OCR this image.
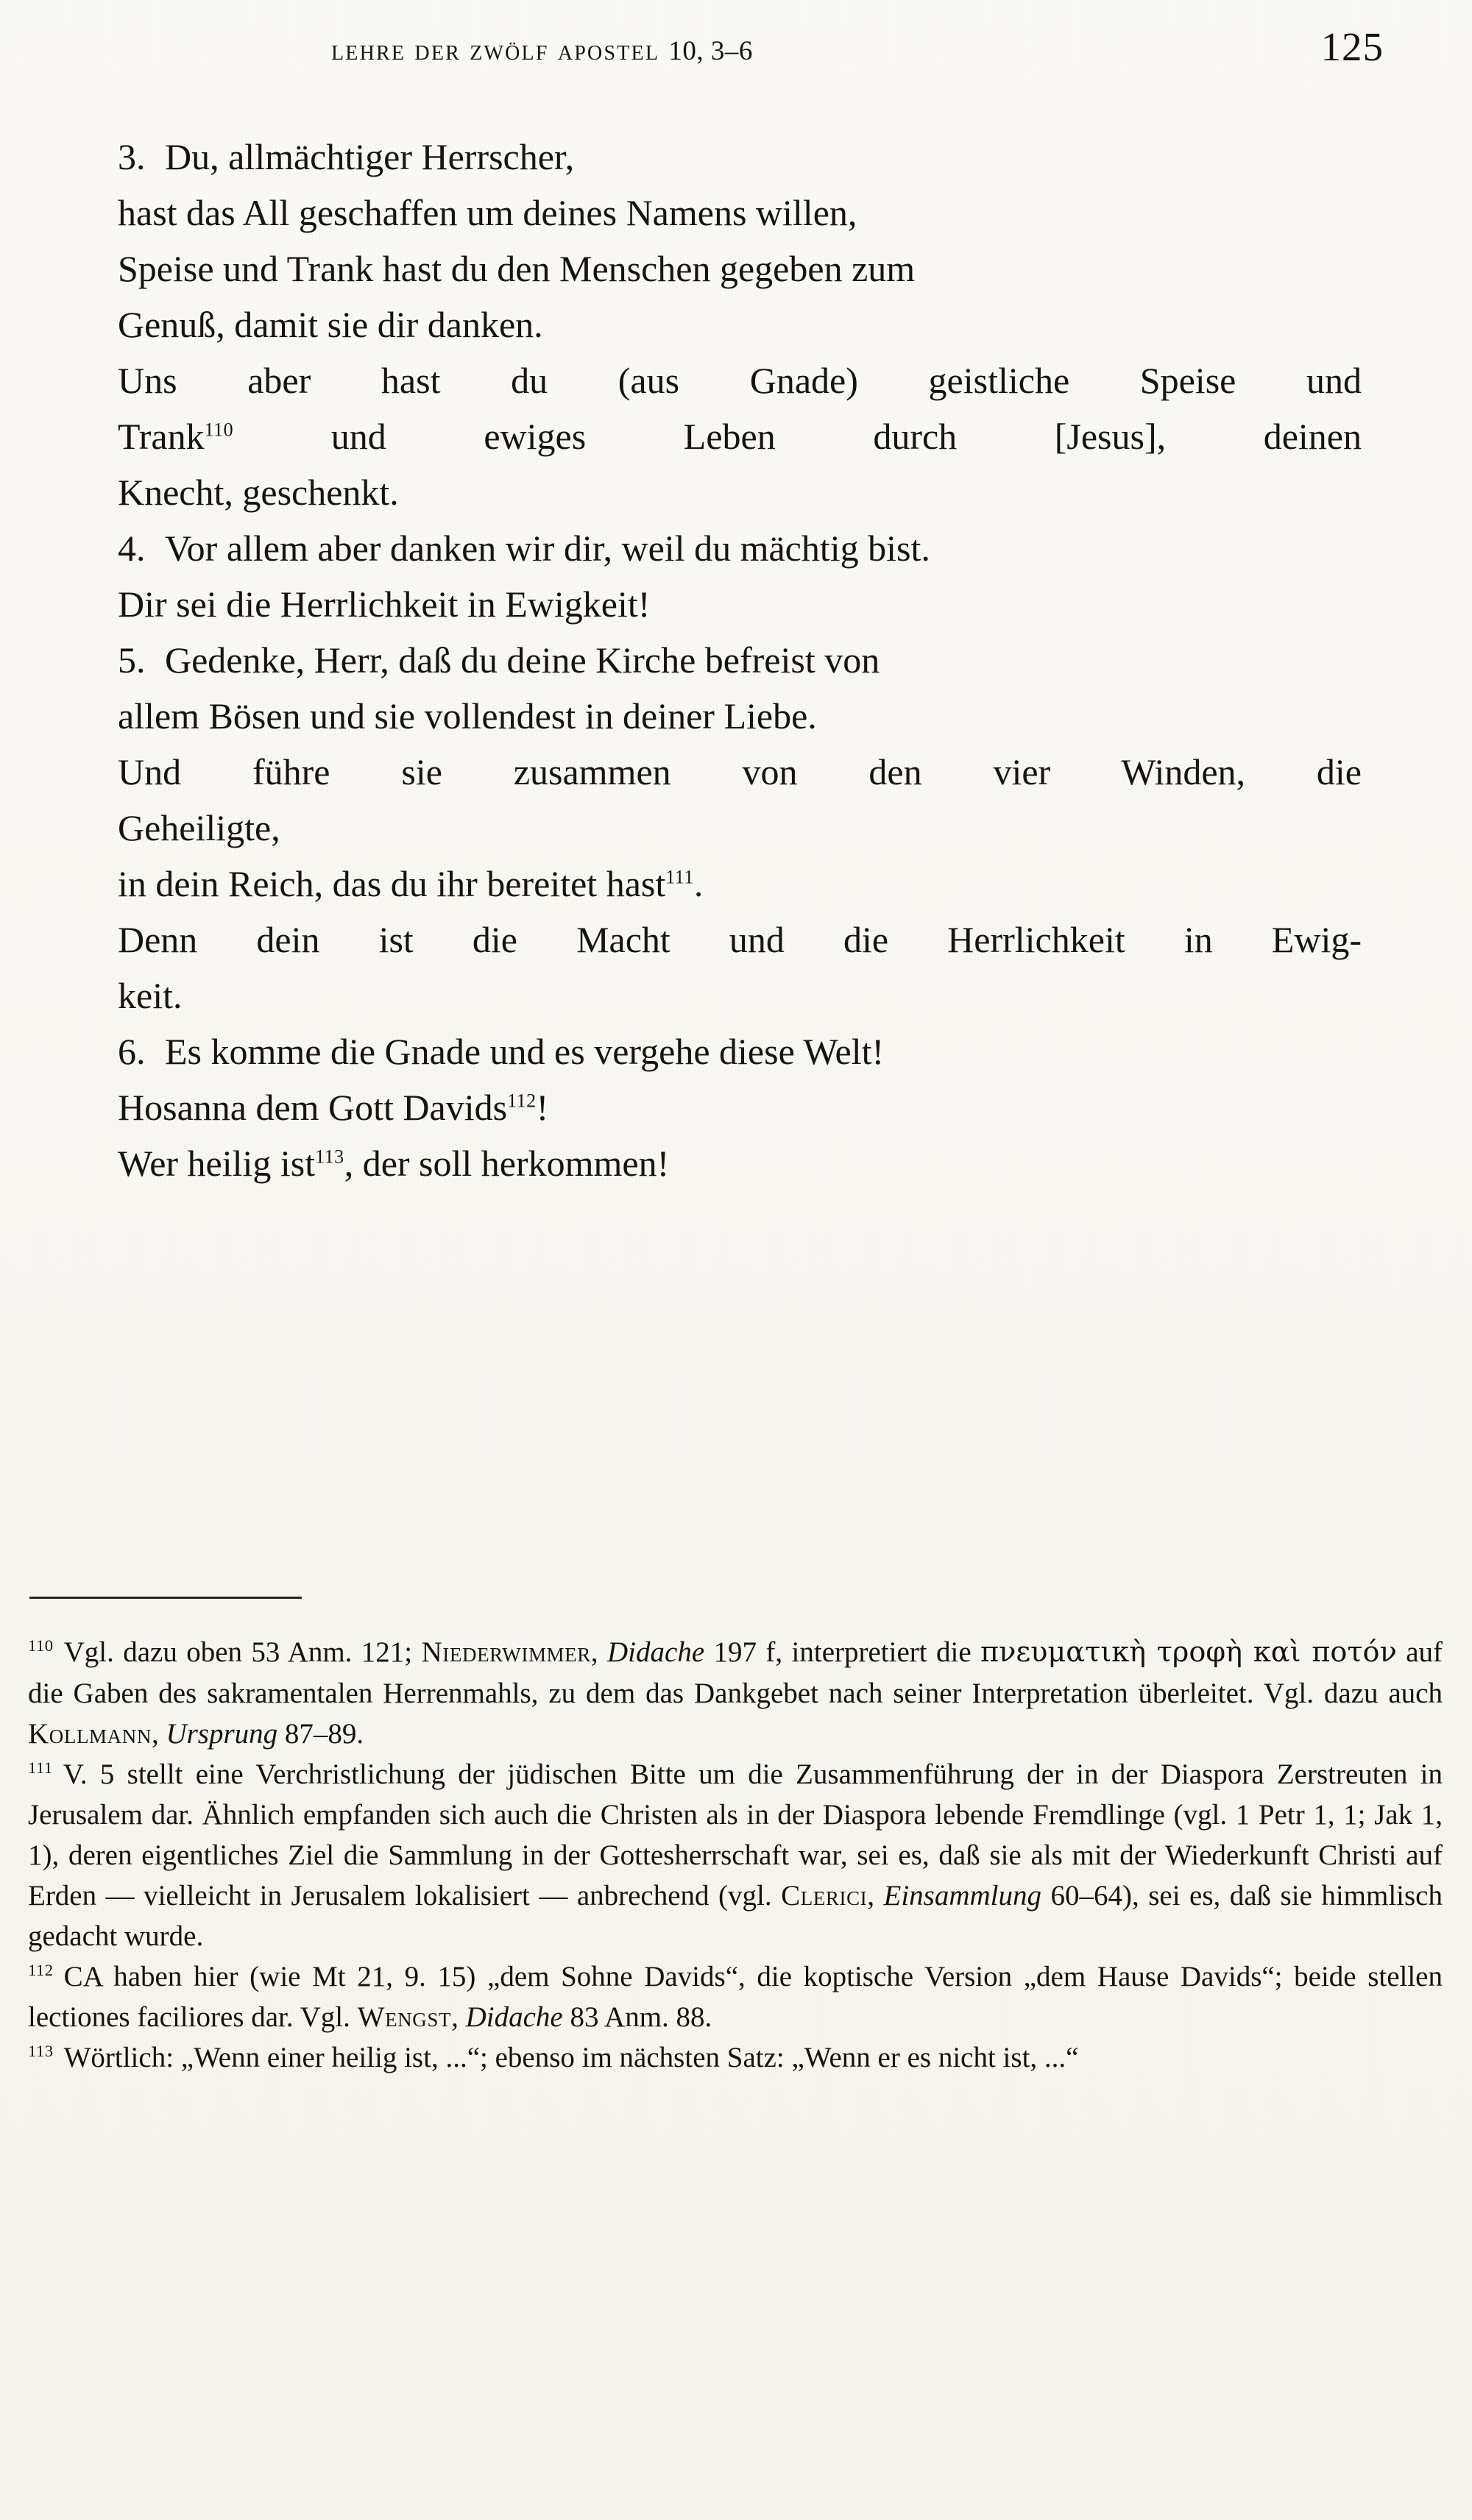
lehre der zwölf apostel 10, 3–6	125

3. Du, allmächtiger Herrscher,

hast das All geschaffen um deines Namens willen,

Speise und Trank hast du den Menschen gegeben zum

Genuß, damit sie dir danken.

Uns aber hast du (aus Gnade) geistliche Speise und

Trank$^{110}$ und ewiges Leben durch [Jesus], deinen

Knecht, geschenkt.

4. Vor allem aber danken wir dir, weil du mächtig bist.

Dir sei die Herrlichkeit in Ewigkeit!

5. Gedenke, Herr, daß du deine Kirche befreist von

allem Bösen und sie vollendest in deiner Liebe.

Und führe sie zusammen von den vier Winden, die

Geheiligte,

in dein Reich, das du ihr bereitet hast$^{111}$.

Denn dein ist die Macht und die Herrlichkeit in Ewig-

keit.

6. Es komme die Gnade und es vergehe diese Welt!

Hosanna dem Gott Davids$^{112}$!

Wer heilig ist$^{113}$, der soll herkommen!

$^{110}$ Vgl. dazu oben 53 Anm. 121; Niederwimmer, Didache 197 f, interpretiert die πνευματικὴ τροφὴ καὶ ποτόν auf die Gaben des sakramentalen Herrenmahls, zu dem das Dankgebet nach seiner Interpretation überleitet. Vgl. dazu auch Kollmann, Ursprung 87–89.

$^{111}$ V. 5 stellt eine Verchristlichung der jüdischen Bitte um die Zusammenführung der in der Diaspora Zerstreuten in Jerusalem dar. Ähnlich empfanden sich auch die Christen als in der Diaspora lebende Fremdlinge (vgl. 1 Petr 1, 1; Jak 1, 1), deren eigentliches Ziel die Sammlung in der Gottesherrschaft war, sei es, daß sie als mit der Wiederkunft Christi auf Erden — vielleicht in Jerusalem lokalisiert — anbrechend (vgl. Clerici, Einsammlung 60–64), sei es, daß sie himmlisch gedacht wurde.

$^{112}$ CA haben hier (wie Mt 21, 9. 15) „dem Sohne Davids“, die koptische Version „dem Hause Davids“; beide stellen lectiones faciliores dar. Vgl. Wengst, Didache 83 Anm. 88.

$^{113}$ Wörtlich: „Wenn einer heilig ist, ...“; ebenso im nächsten Satz: „Wenn er es nicht ist, ...“
